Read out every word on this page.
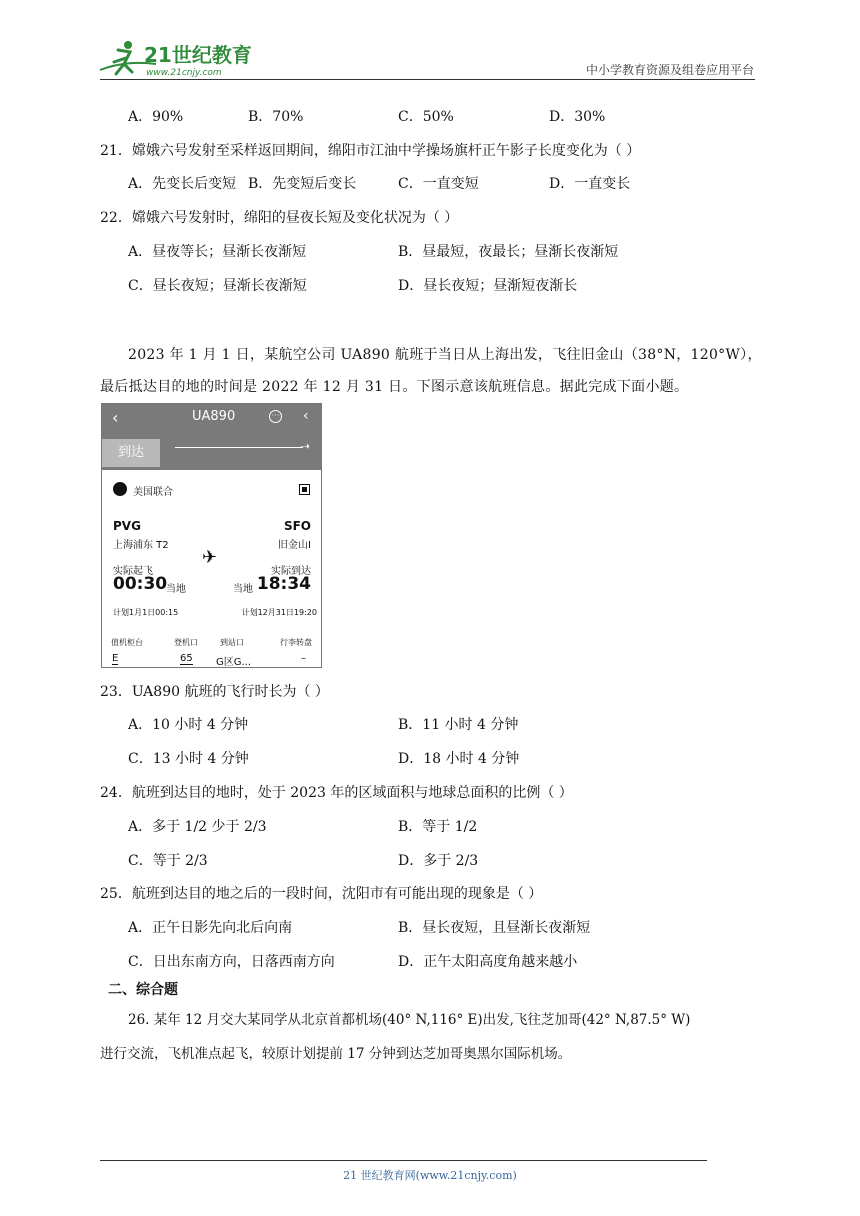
21世纪教育
www.21cnjy.com	中小学教育资源及组卷应用平台
A．90%	B．70%	C．50%	D．30%
21．嫦娥六号发射至采样返回期间，绵阳市江油中学操场旗杆正午影子长度变化为（ ）
A．先变长后变短 B．先变短后变长	C．一直变短	D．一直变长
22．嫦娥六号发射时，绵阳的昼夜长短及变化状况为（ ）
A．昼夜等长；昼渐长夜渐短	B．昼最短，夜最长；昼渐长夜渐短
C．昼长夜短；昼渐长夜渐短	D．昼长夜短；昼渐短夜渐长
2023 年 1 月 1 日，某航空公司 UA890 航班于当日从上海出发，飞往旧金山（38°N，120°W），
最后抵达目的地的时间是 2022 年 12 月 31 日。下图示意该航班信息。据此完成下面小题。
‹	UA890	··· ‹
到达	➝
美国联合
PVG
上海浦东 T2
SFO
旧金山I
✈
实际起飞
00:30
当地
实际到达
18:34
当地
计划1月1日00:15	计划12月31日19:20
值机柜台	登机口	到站口	行李转盘
E	65 G区G...	–
23．UA890 航班的飞行时长为（ ）
A．10 小时 4 分钟	B．11 小时 4 分钟
C．13 小时 4 分钟	D．18 小时 4 分钟
24．航班到达目的地时，处于 2023 年的区域面积与地球总面积的比例（ ）
A．多于 1/2 少于 2/3	B．等于 1/2
C．等于 2/3	D．多于 2/3
25．航班到达目的地之后的一段时间，沈阳市有可能出现的现象是（ ）
A．正午日影先向北后向南	B．昼长夜短，且昼渐长夜渐短
C．日出东南方向，日落西南方向	D．正午太阳高度角越来越小
二、综合题
26. 某年 12 月交大某同学从北京首都机场(40° N,116° E)出发,飞往芝加哥(42° N,87.5° W)
进行交流，飞机准点起飞，较原计划提前 17 分钟到达芝加哥奥黑尔国际机场。
21 世纪教育网(www.21cnjy.com)
